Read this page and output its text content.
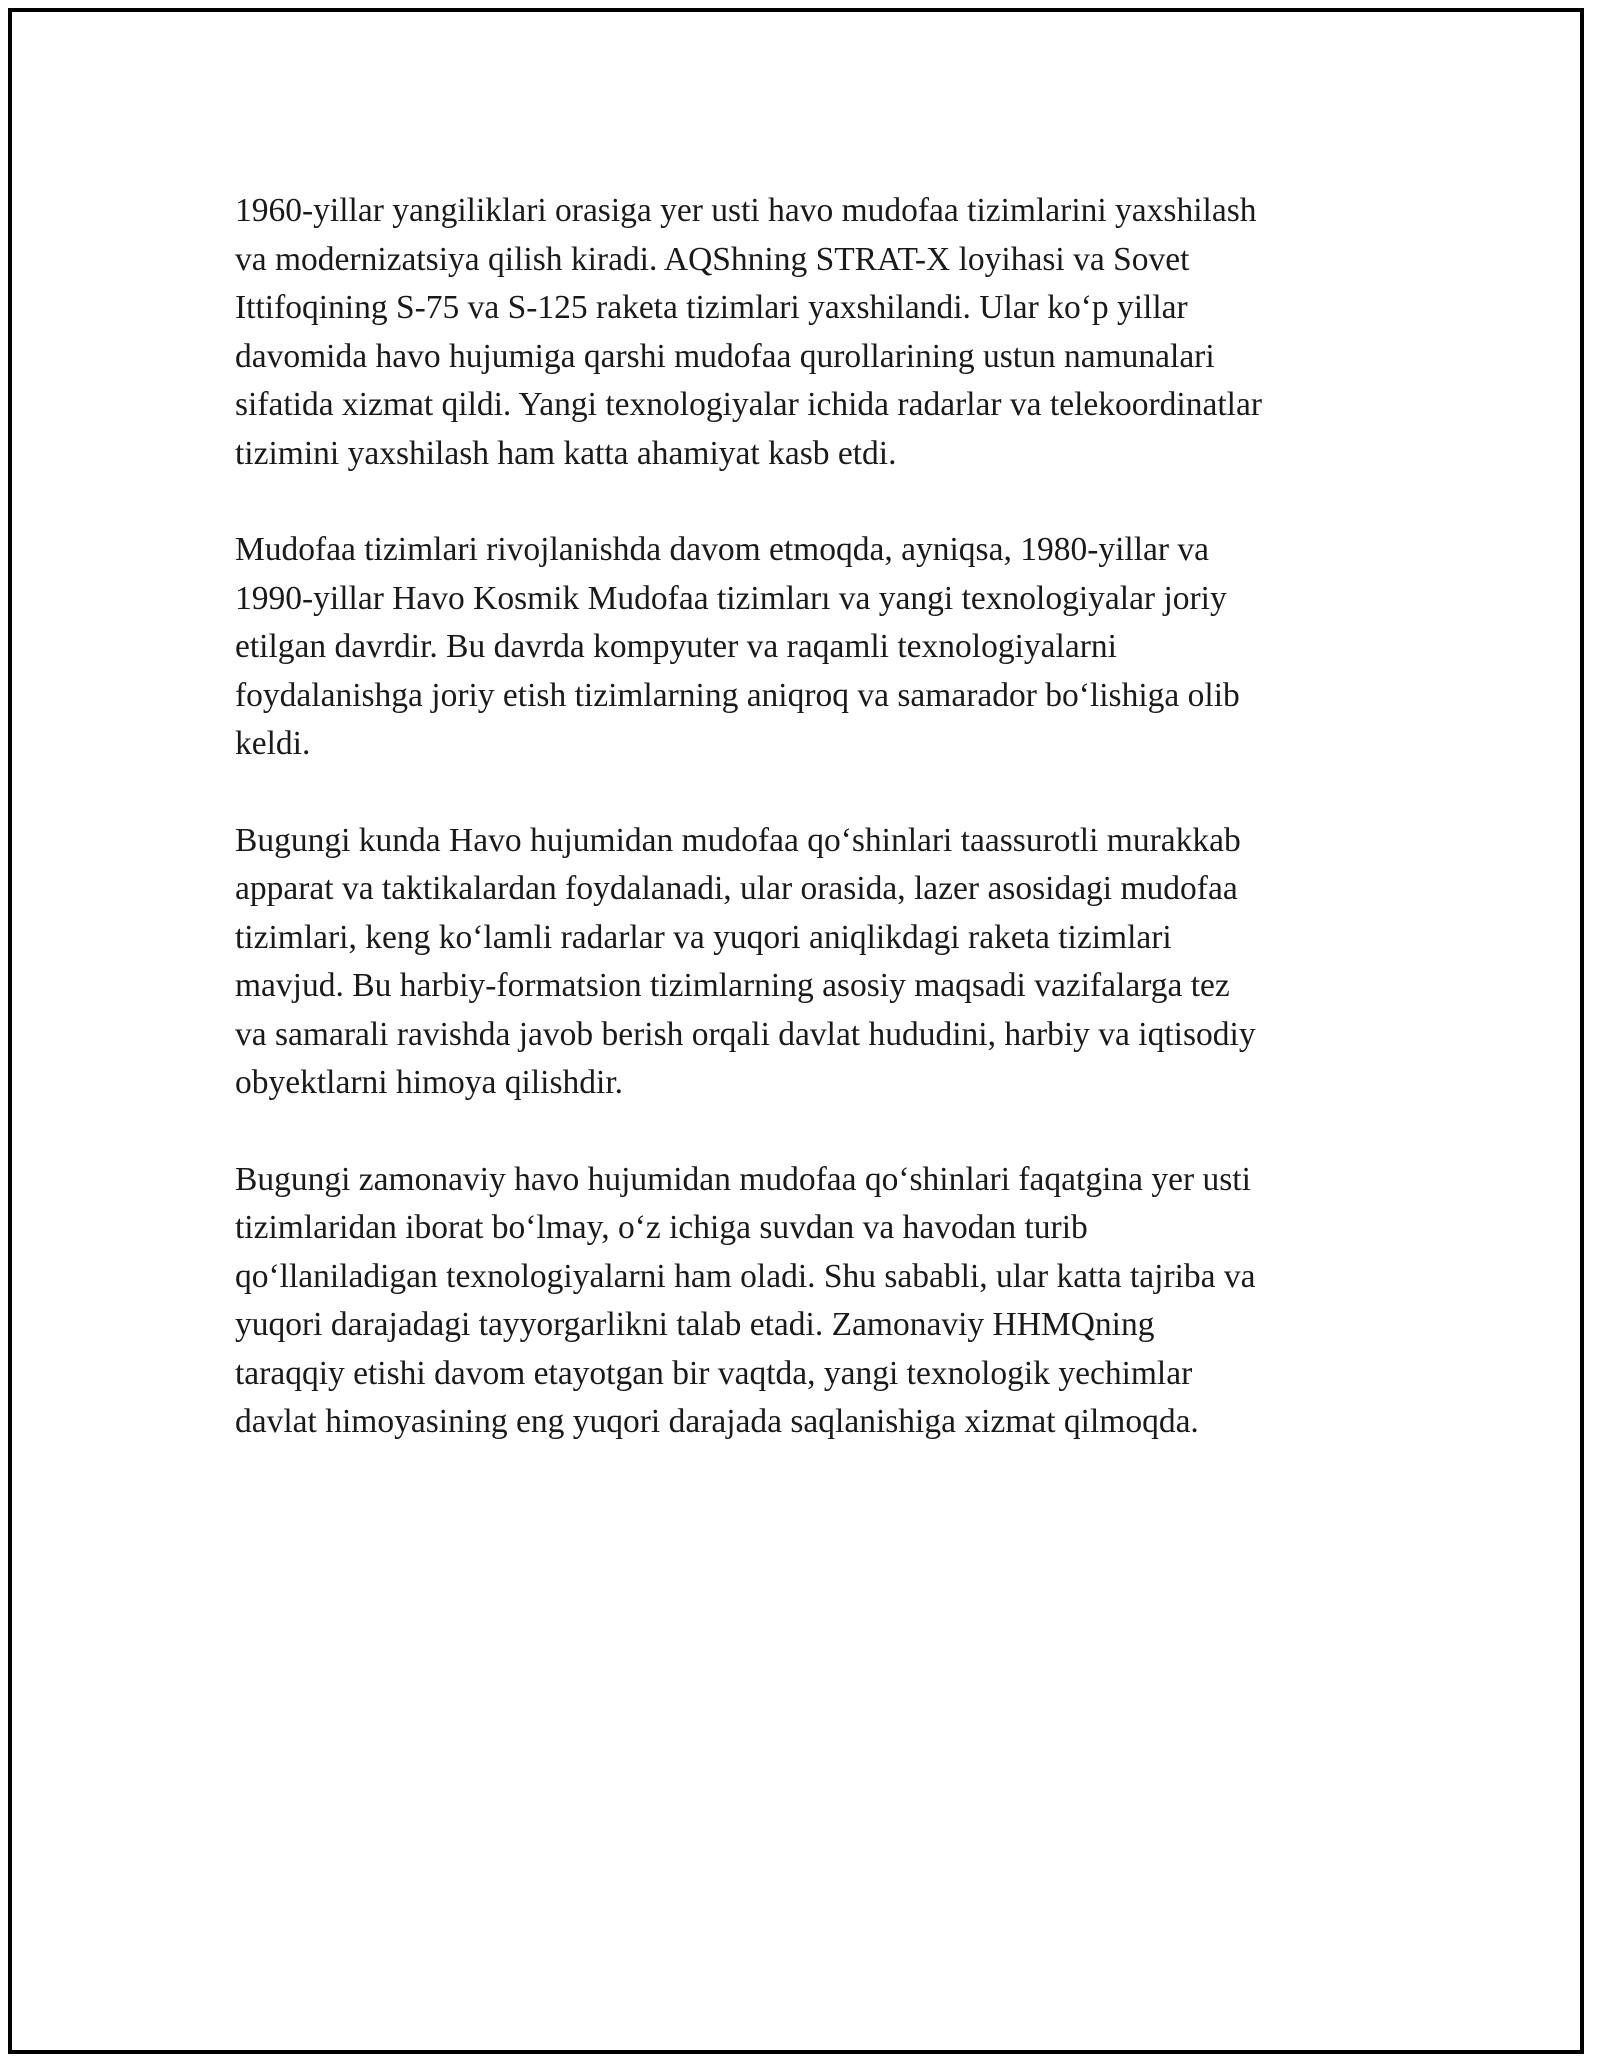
1960-yillar yangiliklari orasiga yer usti havo mudofaa tizimlarini yaxshilash
va modernizatsiya qilish kiradi. AQShning STRAT-X loyihasi va Sovet
Ittifoqining S-75 va S-125 raketa tizimlari yaxshilandi. Ular ko‘p yillar
davomida havo hujumiga qarshi mudofaa qurollarining ustun namunalari
sifatida xizmat qildi. Yangi texnologiyalar ichida radarlar va telekoordinatlar
tizimini yaxshilash ham katta ahamiyat kasb etdi.

Mudofaa tizimlari rivojlanishda davom etmoqda, ayniqsa, 1980-yillar va
1990-yillar Havo Kosmik Mudofaa tizimları va yangi texnologiyalar joriy
etilgan davrdir. Bu davrda kompyuter va raqamli texnologiyalarni
foydalanishga joriy etish tizimlarning aniqroq va samarador bo‘lishiga olib
keldi.

Bugungi kunda Havo hujumidan mudofaa qo‘shinlari taassurotli murakkab
apparat va taktikalardan foydalanadi, ular orasida, lazer asosidagi mudofaa
tizimlari, keng ko‘lamli radarlar va yuqori aniqlikdagi raketa tizimlari
mavjud. Bu harbiy-formatsion tizimlarning asosiy maqsadi vazifalarga tez
va samarali ravishda javob berish orqali davlat hududini, harbiy va iqtisodiy
obyektlarni himoya qilishdir.

Bugungi zamonaviy havo hujumidan mudofaa qo‘shinlari faqatgina yer usti
tizimlaridan iborat bo‘lmay, o‘z ichiga suvdan va havodan turib
qo‘llaniladigan texnologiyalarni ham oladi. Shu sababli, ular katta tajriba va
yuqori darajadagi tayyorgarlikni talab etadi. Zamonaviy HHMQning
taraqqiy etishi davom etayotgan bir vaqtda, yangi texnologik yechimlar
davlat himoyasining eng yuqori darajada saqlanishiga xizmat qilmoqda.
